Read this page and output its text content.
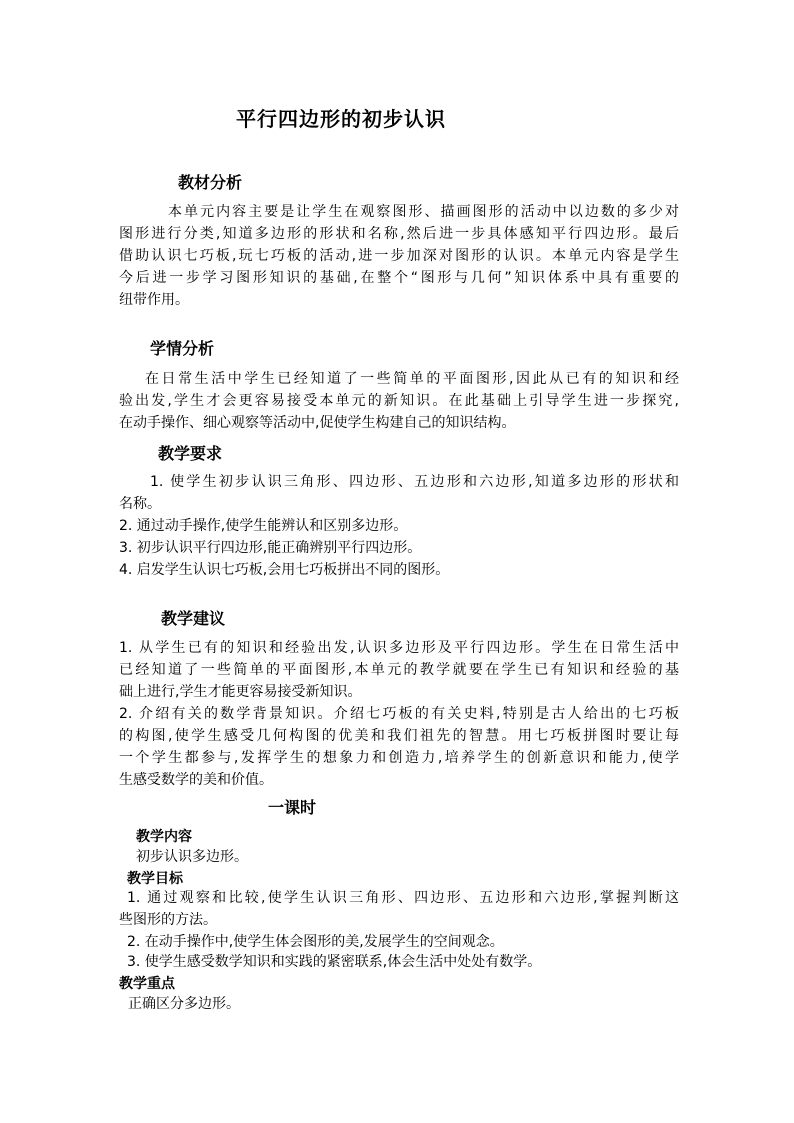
平行四边形的初步认识
教材分析
本单元内容主要是让学生在观察图形、描画图形的活动中以边数的多少对
图形进行分类,知道多边形的形状和名称,然后进一步具体感知平行四边形。最后
借助认识七巧板,玩七巧板的活动,进一步加深对图形的认识。本单元内容是学生
今后进一步学习图形知识的基础,在整个“图形与几何”知识体系中具有重要的
纽带作用。
学情分析
在日常生活中学生已经知道了一些简单的平面图形,因此从已有的知识和经
验出发,学生才会更容易接受本单元的新知识。在此基础上引导学生进一步探究,
在动手操作、细心观察等活动中,促使学生构建自己的知识结构。
教学要求
1. 使学生初步认识三角形、四边形、五边形和六边形,知道多边形的形状和
名称。
2. 通过动手操作,使学生能辨认和区别多边形。
3. 初步认识平行四边形,能正确辨别平行四边形。
4. 启发学生认识七巧板,会用七巧板拼出不同的图形。
教学建议
1. 从学生已有的知识和经验出发,认识多边形及平行四边形。学生在日常生活中
已经知道了一些简单的平面图形,本单元的教学就要在学生已有知识和经验的基
础上进行,学生才能更容易接受新知识。
2. 介绍有关的数学背景知识。介绍七巧板的有关史料,特别是古人给出的七巧板
的构图,使学生感受几何构图的优美和我们祖先的智慧。用七巧板拼图时要让每
一个学生都参与,发挥学生的想象力和创造力,培养学生的创新意识和能力,使学
生感受数学的美和价值。
一课时
教学内容
初步认识多边形。
教学目标
1. 通过观察和比较,使学生认识三角形、四边形、五边形和六边形,掌握判断这
些图形的方法。
2. 在动手操作中,使学生体会图形的美,发展学生的空间观念。
3. 使学生感受数学知识和实践的紧密联系,体会生活中处处有数学。
教学重点
正确区分多边形。
